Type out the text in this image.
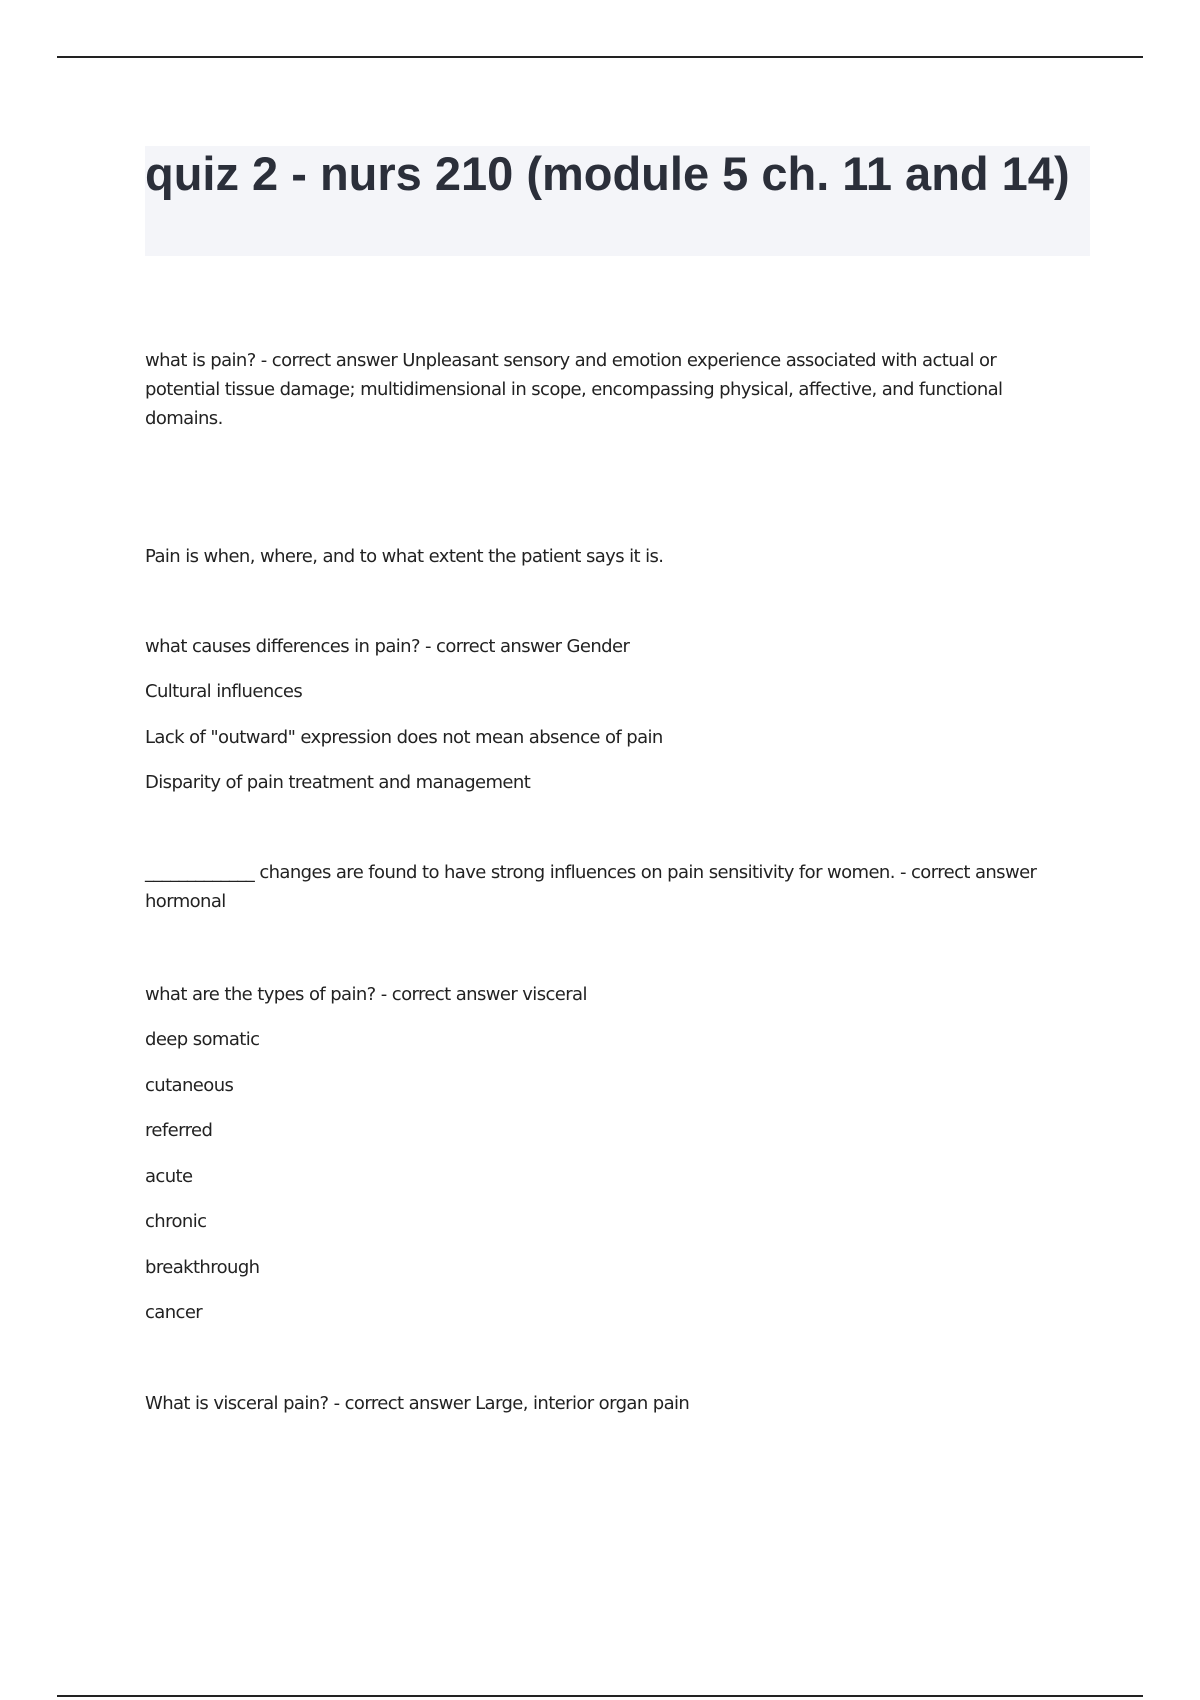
quiz 2 - nurs 210 (module 5 ch. 11 and 14)

what is pain? - correct answer Unpleasant sensory and emotion experience associated with actual or potential tissue damage; multidimensional in scope, encompassing physical, affective, and functional domains.

Pain is when, where, and to what extent the patient says it is.

what causes differences in pain? - correct answer Gender

Cultural influences

Lack of "outward" expression does not mean absence of pain

Disparity of pain treatment and management

_____________ changes are found to have strong influences on pain sensitivity for women. - correct answer hormonal

what are the types of pain? - correct answer visceral

deep somatic

cutaneous

referred

acute

chronic

breakthrough

cancer

What is visceral pain? - correct answer Large, interior organ pain
